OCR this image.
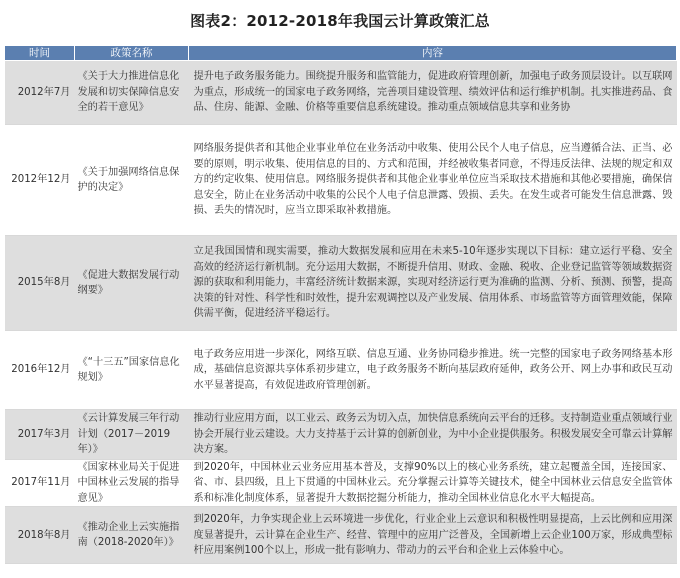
图表2：2012-2018年我国云计算政策汇总
时间	政策名称	内容
2012年7月	《关于大力推进信息化发展和切实保障信息安全的若干意见》	提升电子政务服务能力。围绕提升服务和监管能力，促进政府管理创新，加强电子政务顶层设计。以互联网为重点，形成统一的国家电子政务网络，完善项目建设管理、绩效评估和运行维护机制。扎实推进药品、食品、住房、能源、金融、价格等重要信息系统建设。推动重点领域信息共享和业务协

2012年12月	《关于加强网络信息保护的决定》	网络服务提供者和其他企业事业单位在业务活动中收集、使用公民个人电子信息，应当遵循合法、正当、必要的原则，明示收集、使用信息的目的、方式和范围，并经被收集者同意，不得违反法律、法规的规定和双方的约定收集、使用信息。网络服务提供者和其他企业事业单位应当采取技术措施和其他必要措施，确保信息安全，防止在业务活动中收集的公民个人电子信息泄露、毁损、丢失。在发生或者可能发生信息泄露、毁损、丢失的情况时，应当立即采取补救措施。

2015年8月	《促进大数据发展行动纲要》	立足我国国情和现实需要，推动大数据发展和应用在未来5-10年逐步实现以下目标：建立运行平稳、安全高效的经济运行新机制。充分运用大数据，不断提升信用、财政、金融、税收、企业登记监管等领域数据资源的获取和利用能力，丰富经济统计数据来源，实现对经济运行更为准确的监测、分析、预测、预警，提高决策的针对性、科学性和时效性，提升宏观调控以及产业发展、信用体系、市场监管等方面管理效能，保障供需平衡，促进经济平稳运行。

2016年12月	《“十三五”国家信息化规划》	电子政务应用进一步深化，网络互联、信息互通、业务协同稳步推进。统一完整的国家电子政务网络基本形成，基础信息资源共享体系初步建立，电子政务服务不断向基层政府延伸，政务公开、网上办事和政民互动水平显著提高，有效促进政府管理创新。

2017年3月	《云计算发展三年行动计划（2017－2019年）》	推动行业应用方面，以工业云、政务云为切入点，加快信息系统向云平台的迁移。支持制造业重点领域行业协会开展行业云建设。大力支持基于云计算的创新创业，为中小企业提供服务。积极发展安全可靠云计算解决方案。

2017年11月	《国家林业局关于促进中国林业云发展的指导意见》	到2020年，中国林业云业务应用基本普及，支撑90%以上的核心业务系统，建立起覆盖全国，连接国家、省、市、县四级，且上下贯通的中国林业云。充分掌握云计算等关键技术，健全中国林业云信息安全监管体系和标准化制度体系，显著提升大数据挖掘分析能力，推动全国林业信息化水平大幅提高。

2018年8月	《推动企业上云实施指南（2018-2020年）》	到2020年，力争实现企业上云环境进一步优化，行业企业上云意识和积极性明显提高，上云比例和应用深度显著提升，云计算在企业生产、经营、管理中的应用广泛普及，全国新增上云企业100万家，形成典型标杆应用案例100个以上，形成一批有影响力、带动力的云平台和企业上云体验中心。
